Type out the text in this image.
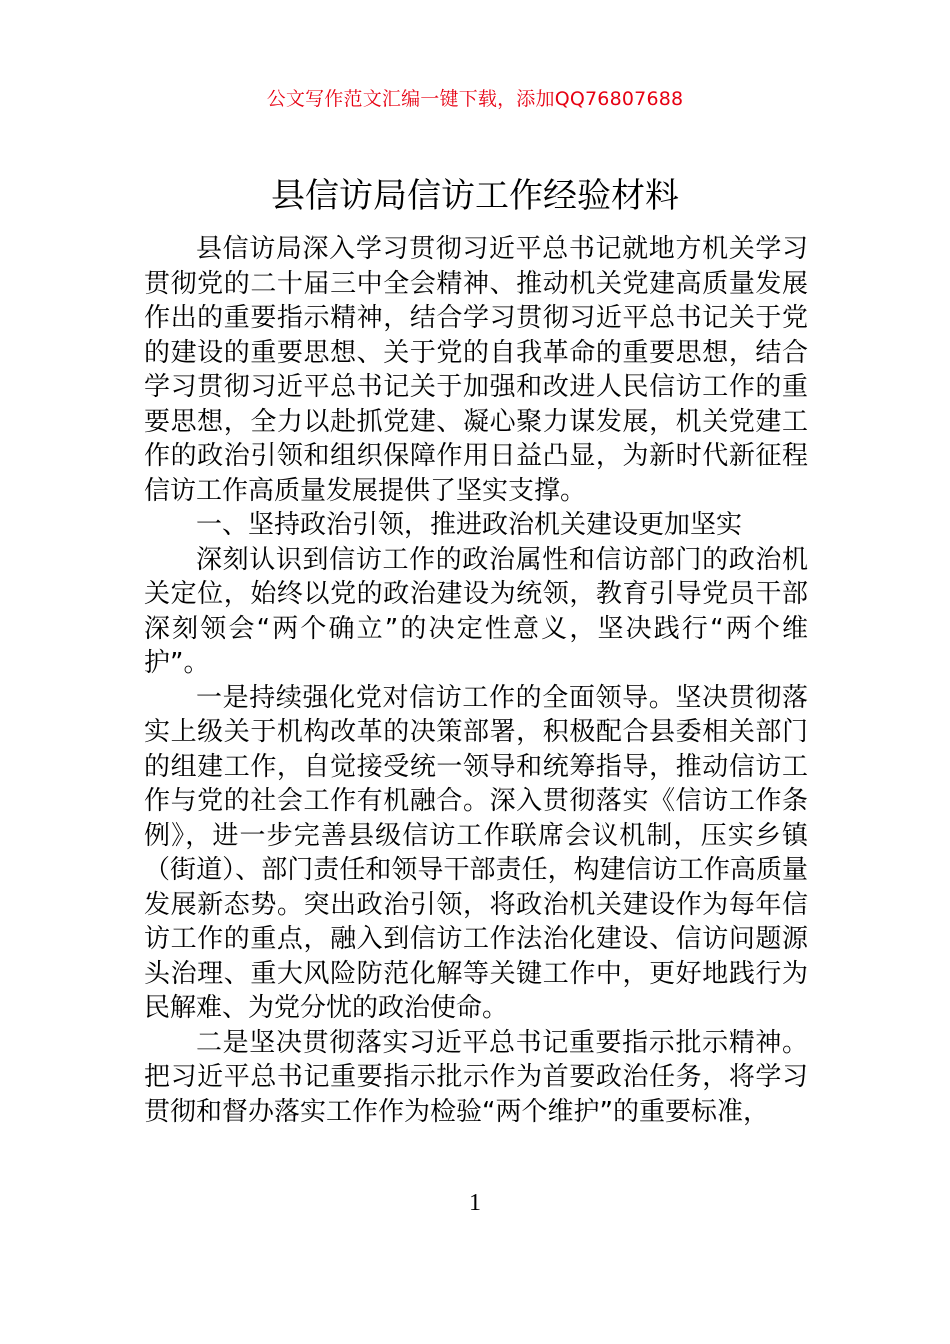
公文写作范文汇编一键下载，添加QQ76807688
县信访局信访工作经验材料

县信访局深入学习贯彻习近平总书记就地方机关学习贯彻党的二十届三中全会精神、推动机关党建高质量发展作出的重要指示精神，结合学习贯彻习近平总书记关于党的建设的重要思想、关于党的自我革命的重要思想，结合学习贯彻习近平总书记关于加强和改进人民信访工作的重要思想，全力以赴抓党建、凝心聚力谋发展，机关党建工作的政治引领和组织保障作用日益凸显，为新时代新征程信访工作高质量发展提供了坚实支撑。

一、坚持政治引领，推进政治机关建设更加坚实

深刻认识到信访工作的政治属性和信访部门的政治机关定位，始终以党的政治建设为统领，教育引导党员干部深刻领会“两个确立”的决定性意义，坚决践行“两个维护”。

一是持续强化党对信访工作的全面领导。坚决贯彻落实上级关于机构改革的决策部署，积极配合县委相关部门的组建工作，自觉接受统一领导和统筹指导，推动信访工作与党的社会工作有机融合。深入贯彻落实《信访工作条例》，进一步完善县级信访工作联席会议机制，压实乡镇（街道）、部门责任和领导干部责任，构建信访工作高质量发展新态势。突出政治引领，将政治机关建设作为每年信访工作的重点，融入到信访工作法治化建设、信访问题源头治理、重大风险防范化解等关键工作中，更好地践行为民解难、为党分忧的政治使命。

二是坚决贯彻落实习近平总书记重要指示批示精神。把习近平总书记重要指示批示作为首要政治任务，将学习贯彻和督办落实工作作为检验“两个维护”的重要标准，

1
